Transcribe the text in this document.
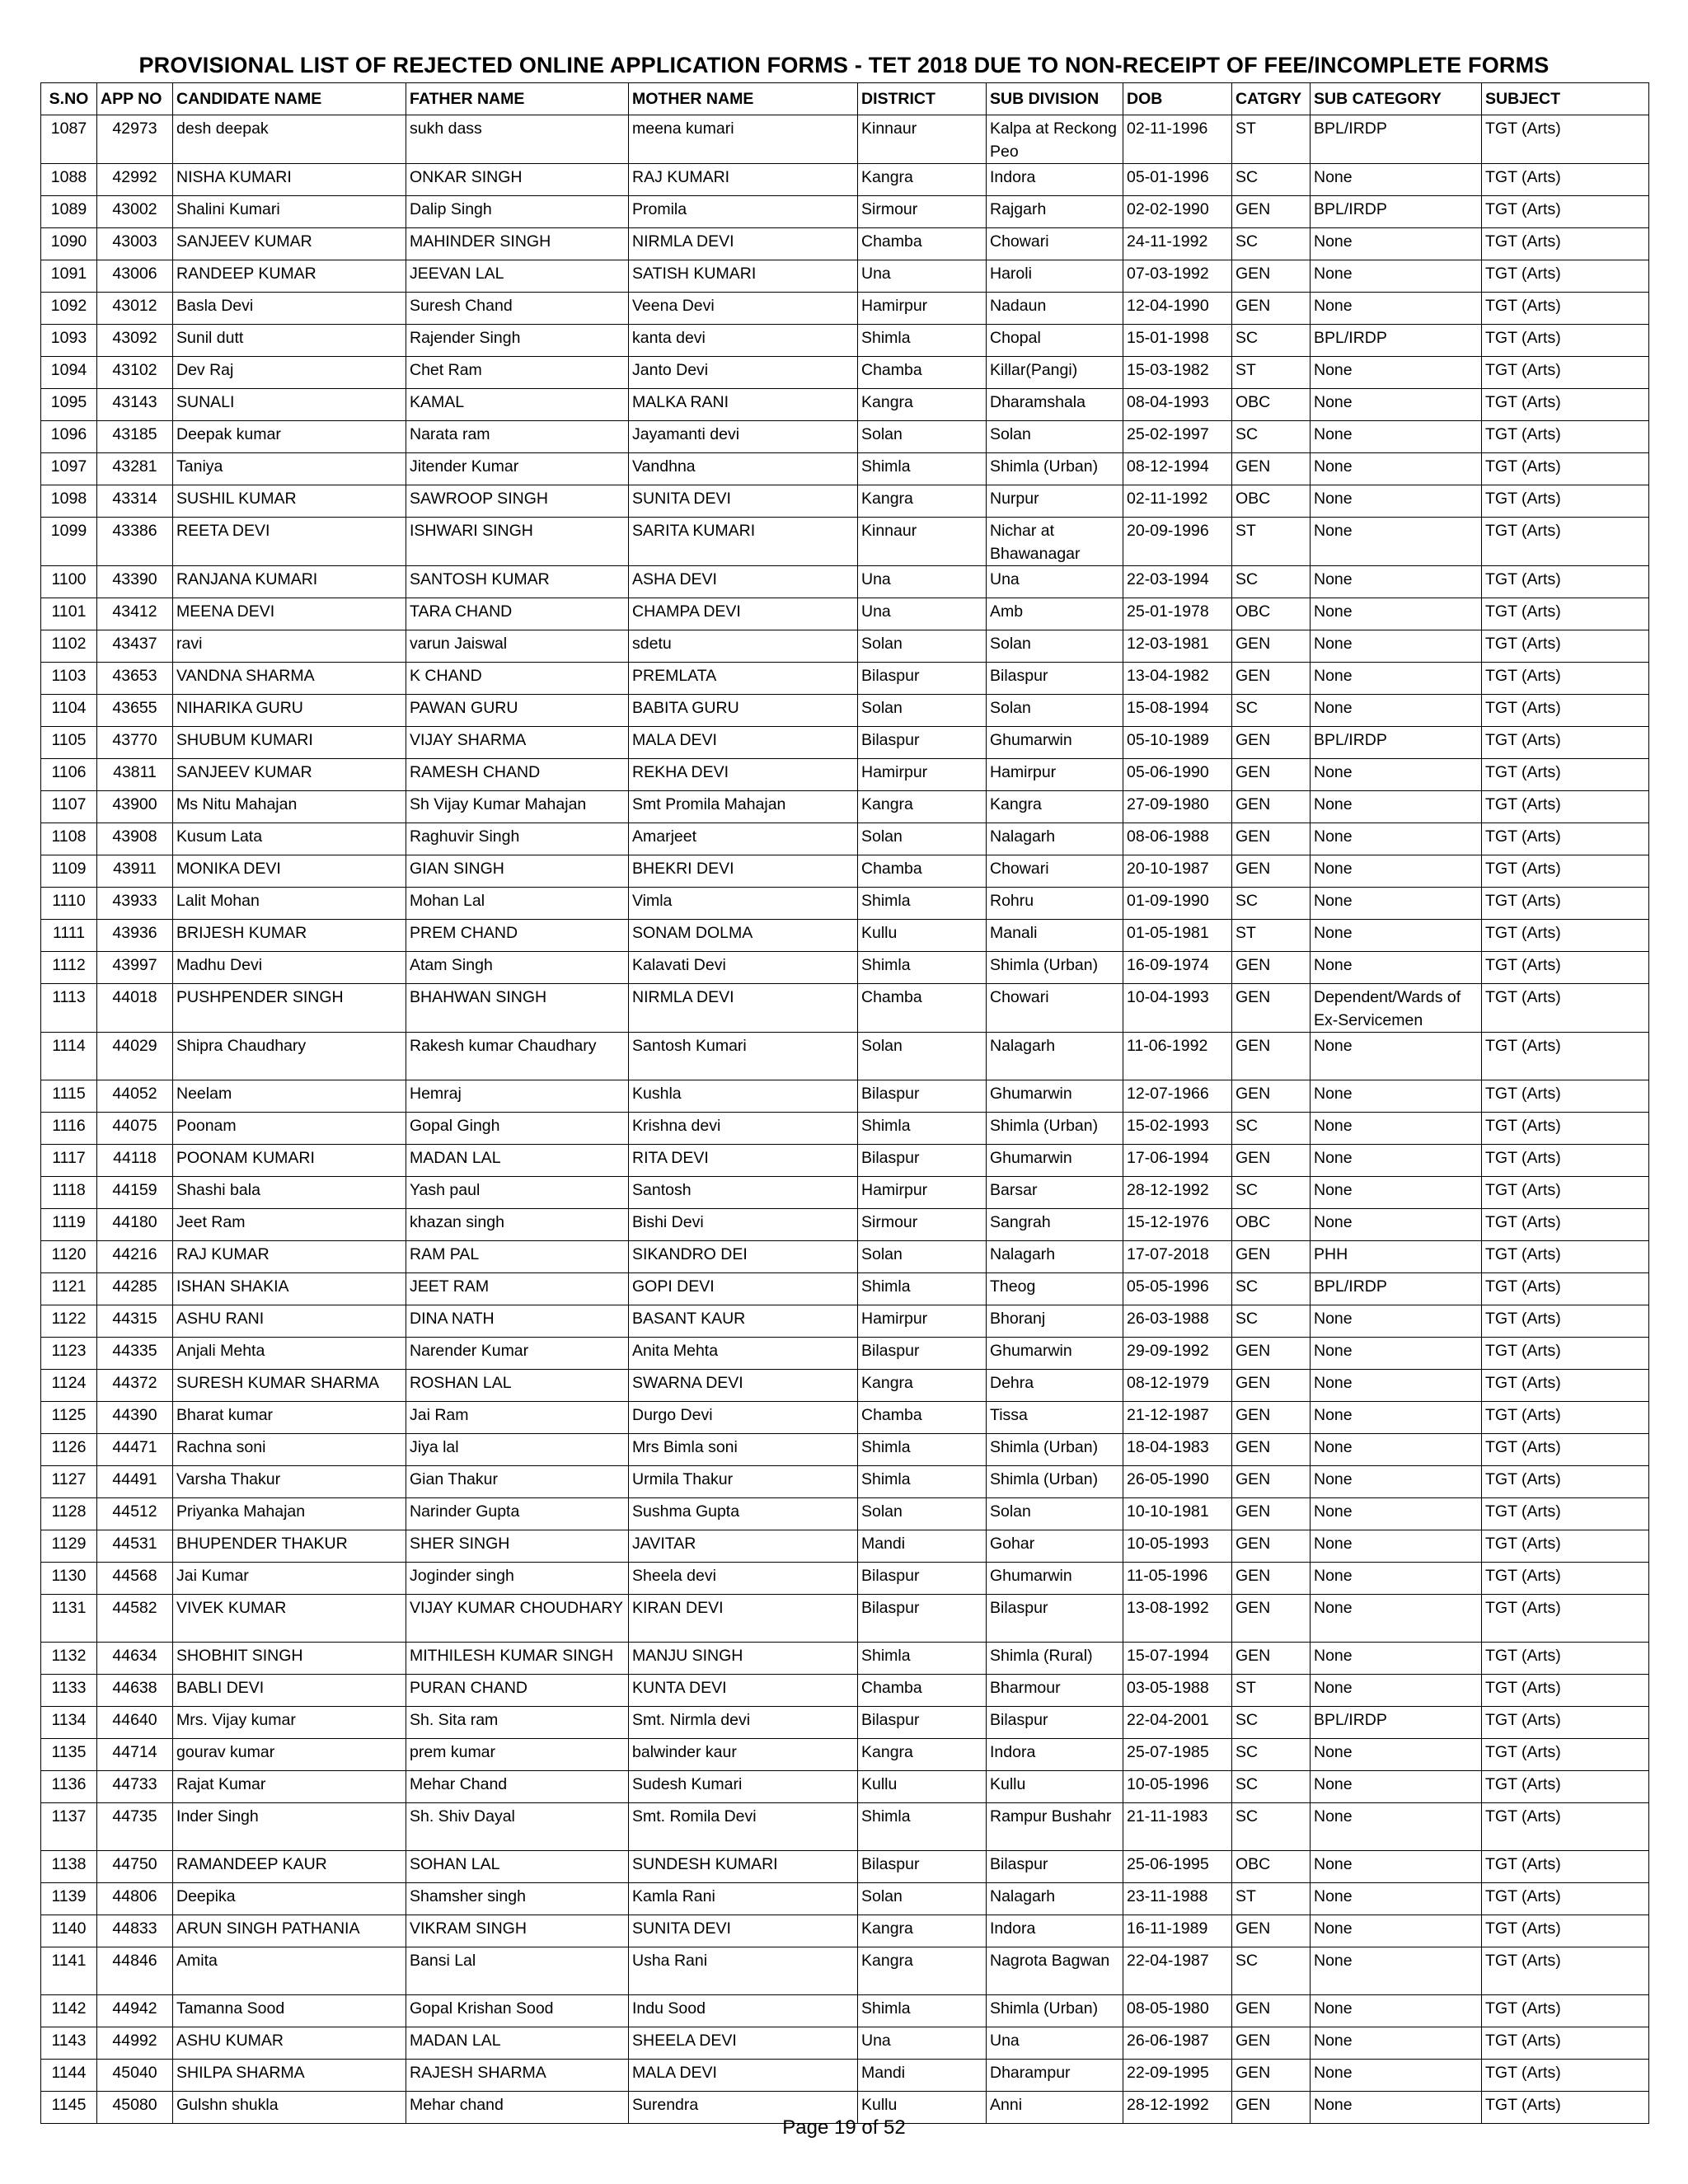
PROVISIONAL LIST OF REJECTED ONLINE APPLICATION FORMS - TET 2018 DUE TO NON-RECEIPT OF FEE/INCOMPLETE FORMS
S.NO	APP NO	CANDIDATE NAME	FATHER NAME	MOTHER NAME	DISTRICT	SUB DIVISION	DOB	CATGRY	SUB CATEGORY	SUBJECT
1087	42973	desh deepak	sukh dass	meena kumari	Kinnaur	Kalpa at Reckong Peo	02-11-1996	ST	BPL/IRDP	TGT (Arts)
1088	42992	NISHA KUMARI	ONKAR SINGH	RAJ KUMARI	Kangra	Indora	05-01-1996	SC	None	TGT (Arts)
1089	43002	Shalini Kumari	Dalip Singh	Promila	Sirmour	Rajgarh	02-02-1990	GEN	BPL/IRDP	TGT (Arts)
1090	43003	SANJEEV KUMAR	MAHINDER SINGH	NIRMLA DEVI	Chamba	Chowari	24-11-1992	SC	None	TGT (Arts)
1091	43006	RANDEEP KUMAR	JEEVAN LAL	SATISH KUMARI	Una	Haroli	07-03-1992	GEN	None	TGT (Arts)
1092	43012	Basla Devi	Suresh Chand	Veena Devi	Hamirpur	Nadaun	12-04-1990	GEN	None	TGT (Arts)
1093	43092	Sunil dutt	Rajender Singh	kanta devi	Shimla	Chopal	15-01-1998	SC	BPL/IRDP	TGT (Arts)
1094	43102	Dev Raj	Chet Ram	Janto Devi	Chamba	Killar(Pangi)	15-03-1982	ST	None	TGT (Arts)
1095	43143	SUNALI	KAMAL	MALKA RANI	Kangra	Dharamshala	08-04-1993	OBC	None	TGT (Arts)
1096	43185	Deepak kumar	Narata ram	Jayamanti devi	Solan	Solan	25-02-1997	SC	None	TGT (Arts)
1097	43281	Taniya	Jitender Kumar	Vandhna	Shimla	Shimla (Urban)	08-12-1994	GEN	None	TGT (Arts)
1098	43314	SUSHIL KUMAR	SAWROOP SINGH	SUNITA DEVI	Kangra	Nurpur	02-11-1992	OBC	None	TGT (Arts)
1099	43386	REETA DEVI	ISHWARI SINGH	SARITA KUMARI	Kinnaur	Nichar at Bhawanagar	20-09-1996	ST	None	TGT (Arts)
1100	43390	RANJANA KUMARI	SANTOSH KUMAR	ASHA DEVI	Una	Una	22-03-1994	SC	None	TGT (Arts)
1101	43412	MEENA DEVI	TARA CHAND	CHAMPA DEVI	Una	Amb	25-01-1978	OBC	None	TGT (Arts)
1102	43437	ravi	varun Jaiswal	sdetu	Solan	Solan	12-03-1981	GEN	None	TGT (Arts)
1103	43653	VANDNA SHARMA	K CHAND	PREMLATA	Bilaspur	Bilaspur	13-04-1982	GEN	None	TGT (Arts)
1104	43655	NIHARIKA GURU	PAWAN GURU	BABITA GURU	Solan	Solan	15-08-1994	SC	None	TGT (Arts)
1105	43770	SHUBUM KUMARI	VIJAY SHARMA	MALA DEVI	Bilaspur	Ghumarwin	05-10-1989	GEN	BPL/IRDP	TGT (Arts)
1106	43811	SANJEEV KUMAR	RAMESH CHAND	REKHA DEVI	Hamirpur	Hamirpur	05-06-1990	GEN	None	TGT (Arts)
1107	43900	Ms Nitu Mahajan	Sh Vijay Kumar Mahajan	Smt Promila Mahajan	Kangra	Kangra	27-09-1980	GEN	None	TGT (Arts)
1108	43908	Kusum Lata	Raghuvir Singh	Amarjeet	Solan	Nalagarh	08-06-1988	GEN	None	TGT (Arts)
1109	43911	MONIKA DEVI	GIAN SINGH	BHEKRI DEVI	Chamba	Chowari	20-10-1987	GEN	None	TGT (Arts)
1110	43933	Lalit Mohan	Mohan Lal	Vimla	Shimla	Rohru	01-09-1990	SC	None	TGT (Arts)
1111	43936	BRIJESH KUMAR	PREM CHAND	SONAM DOLMA	Kullu	Manali	01-05-1981	ST	None	TGT (Arts)
1112	43997	Madhu Devi	Atam Singh	Kalavati Devi	Shimla	Shimla (Urban)	16-09-1974	GEN	None	TGT (Arts)
1113	44018	PUSHPENDER SINGH	BHAHWAN SINGH	NIRMLA DEVI	Chamba	Chowari	10-04-1993	GEN	Dependent/Wards of Ex-Servicemen	TGT (Arts)
1114	44029	Shipra Chaudhary	Rakesh kumar Chaudhary	Santosh Kumari	Solan	Nalagarh	11-06-1992	GEN	None	TGT (Arts)
1115	44052	Neelam	Hemraj	Kushla	Bilaspur	Ghumarwin	12-07-1966	GEN	None	TGT (Arts)
1116	44075	Poonam	Gopal Gingh	Krishna devi	Shimla	Shimla (Urban)	15-02-1993	SC	None	TGT (Arts)
1117	44118	POONAM KUMARI	MADAN LAL	RITA DEVI	Bilaspur	Ghumarwin	17-06-1994	GEN	None	TGT (Arts)
1118	44159	Shashi bala	Yash paul	Santosh	Hamirpur	Barsar	28-12-1992	SC	None	TGT (Arts)
1119	44180	Jeet Ram	khazan singh	Bishi Devi	Sirmour	Sangrah	15-12-1976	OBC	None	TGT (Arts)
1120	44216	RAJ KUMAR	RAM PAL	SIKANDRO DEI	Solan	Nalagarh	17-07-2018	GEN	PHH	TGT (Arts)
1121	44285	ISHAN SHAKIA	JEET RAM	GOPI DEVI	Shimla	Theog	05-05-1996	SC	BPL/IRDP	TGT (Arts)
1122	44315	ASHU RANI	DINA NATH	BASANT KAUR	Hamirpur	Bhoranj	26-03-1988	SC	None	TGT (Arts)
1123	44335	Anjali Mehta	Narender Kumar	Anita Mehta	Bilaspur	Ghumarwin	29-09-1992	GEN	None	TGT (Arts)
1124	44372	SURESH KUMAR SHARMA	ROSHAN LAL	SWARNA DEVI	Kangra	Dehra	08-12-1979	GEN	None	TGT (Arts)
1125	44390	Bharat kumar	Jai Ram	Durgo Devi	Chamba	Tissa	21-12-1987	GEN	None	TGT (Arts)
1126	44471	Rachna soni	Jiya lal	Mrs Bimla soni	Shimla	Shimla (Urban)	18-04-1983	GEN	None	TGT (Arts)
1127	44491	Varsha Thakur	Gian Thakur	Urmila Thakur	Shimla	Shimla (Urban)	26-05-1990	GEN	None	TGT (Arts)
1128	44512	Priyanka Mahajan	Narinder Gupta	Sushma Gupta	Solan	Solan	10-10-1981	GEN	None	TGT (Arts)
1129	44531	BHUPENDER THAKUR	SHER SINGH	JAVITAR	Mandi	Gohar	10-05-1993	GEN	None	TGT (Arts)
1130	44568	Jai Kumar	Joginder singh	Sheela devi	Bilaspur	Ghumarwin	11-05-1996	GEN	None	TGT (Arts)
1131	44582	VIVEK KUMAR	VIJAY KUMAR CHOUDHARY	KIRAN DEVI	Bilaspur	Bilaspur	13-08-1992	GEN	None	TGT (Arts)
1132	44634	SHOBHIT SINGH	MITHILESH KUMAR SINGH	MANJU SINGH	Shimla	Shimla (Rural)	15-07-1994	GEN	None	TGT (Arts)
1133	44638	BABLI DEVI	PURAN CHAND	KUNTA DEVI	Chamba	Bharmour	03-05-1988	ST	None	TGT (Arts)
1134	44640	Mrs. Vijay kumar	Sh. Sita ram	Smt. Nirmla devi	Bilaspur	Bilaspur	22-04-2001	SC	BPL/IRDP	TGT (Arts)
1135	44714	gourav kumar	prem kumar	balwinder kaur	Kangra	Indora	25-07-1985	SC	None	TGT (Arts)
1136	44733	Rajat Kumar	Mehar Chand	Sudesh Kumari	Kullu	Kullu	10-05-1996	SC	None	TGT (Arts)
1137	44735	Inder Singh	Sh. Shiv Dayal	Smt. Romila Devi	Shimla	Rampur Bushahr	21-11-1983	SC	None	TGT (Arts)
1138	44750	RAMANDEEP KAUR	SOHAN LAL	SUNDESH KUMARI	Bilaspur	Bilaspur	25-06-1995	OBC	None	TGT (Arts)
1139	44806	Deepika	Shamsher singh	Kamla Rani	Solan	Nalagarh	23-11-1988	ST	None	TGT (Arts)
1140	44833	ARUN SINGH PATHANIA	VIKRAM SINGH	SUNITA DEVI	Kangra	Indora	16-11-1989	GEN	None	TGT (Arts)
1141	44846	Amita	Bansi Lal	Usha Rani	Kangra	Nagrota Bagwan	22-04-1987	SC	None	TGT (Arts)
1142	44942	Tamanna Sood	Gopal Krishan Sood	Indu Sood	Shimla	Shimla (Urban)	08-05-1980	GEN	None	TGT (Arts)
1143	44992	ASHU KUMAR	MADAN LAL	SHEELA DEVI	Una	Una	26-06-1987	GEN	None	TGT (Arts)
1144	45040	SHILPA SHARMA	RAJESH SHARMA	MALA DEVI	Mandi	Dharampur	22-09-1995	GEN	None	TGT (Arts)
1145	45080	Gulshn shukla	Mehar chand	Surendra	Kullu	Anni	28-12-1992	GEN	None	TGT (Arts)
Page 19 of 52
